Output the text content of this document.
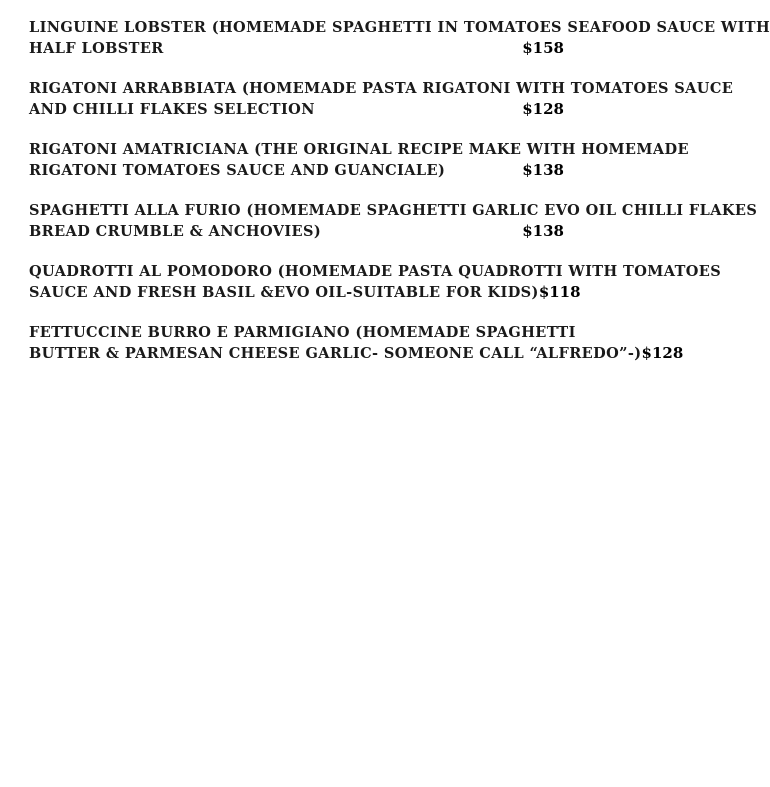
LINGUINE LOBSTER (HOMEMADE SPAGHETTI IN TOMATOES SEAFOOD SAUCE WITH
HALF LOBSTER	$158
RIGATONI ARRABBIATA (HOMEMADE PASTA RIGATONI WITH TOMATOES SAUCE
AND CHILLI FLAKES SELECTION	$128
RIGATONI AMATRICIANA (THE ORIGINAL RECIPE MAKE WITH HOMEMADE
RIGATONI TOMATOES SAUCE AND GUANCIALE)	$138
SPAGHETTI ALLA FURIO (HOMEMADE SPAGHETTI GARLIC EVO OIL CHILLI FLAKES
BREAD CRUMBLE & ANCHOVIES)	$138
QUADROTTI AL POMODORO (HOMEMADE PASTA QUADROTTI WITH TOMATOES
SAUCE AND FRESH BASIL &EVO OIL-SUITABLE FOR KIDS) $118
FETTUCCINE BURRO E PARMIGIANO (HOMEMADE SPAGHETTI
BUTTER & PARMESAN CHEESE GARLIC- SOMEONE CALL “ALFREDO”-) $128
